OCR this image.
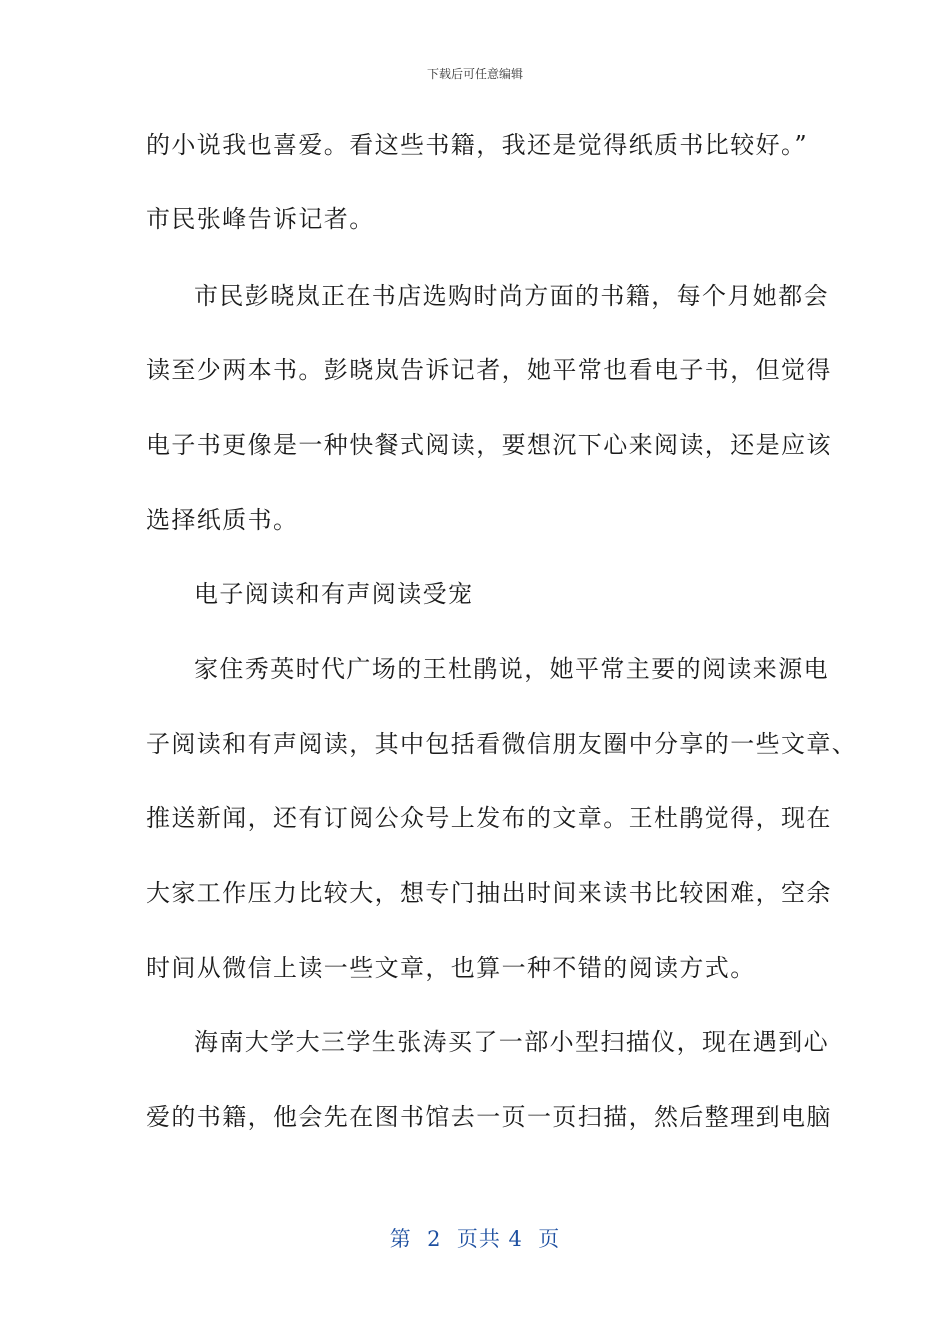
下载后可任意编辑
的小说我也喜爱。看这些书籍，我还是觉得纸质书比较好。”
市民张峰告诉记者。
市民彭晓岚正在书店选购时尚方面的书籍，每个月她都会
读至少两本书。彭晓岚告诉记者，她平常也看电子书，但觉得
电子书更像是一种快餐式阅读，要想沉下心来阅读，还是应该
选择纸质书。
电子阅读和有声阅读受宠
家住秀英时代广场的王杜鹃说，她平常主要的阅读来源电
子阅读和有声阅读，其中包括看微信朋友圈中分享的一些文章、
推送新闻，还有订阅公众号上发布的文章。王杜鹃觉得，现在
大家工作压力比较大，想专门抽出时间来读书比较困难，空余
时间从微信上读一些文章，也算一种不错的阅读方式。
海南大学大三学生张涛买了一部小型扫描仪，现在遇到心
爱的书籍，他会先在图书馆去一页一页扫描，然后整理到电脑
第  2  页共 4  页
